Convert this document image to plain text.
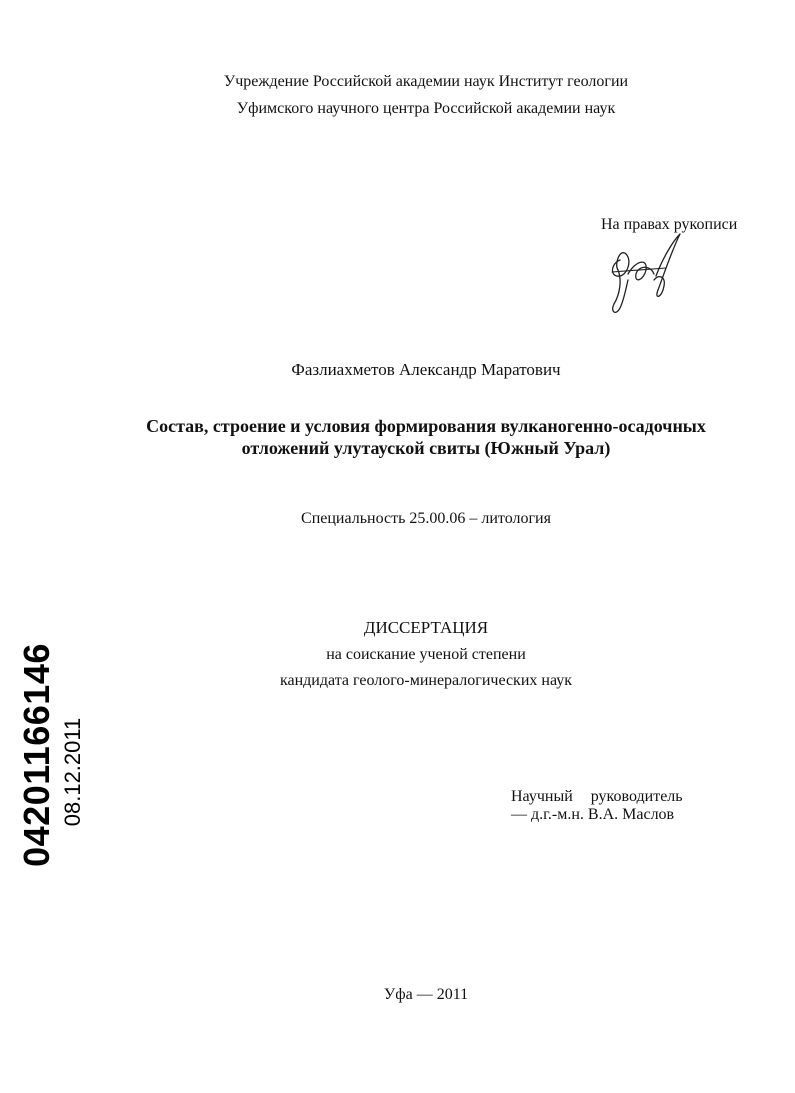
Учреждение Российской академии наук Институт геологии
Уфимского научного центра Российской академии наук
На правах рукописи
Фазлиахметов Александр Маратович
Состав, строение и условия формирования вулканогенно-осадочных
отложений улутауской свиты (Южный Урал)
Специальность 25.00.06 – литология
ДИССЕРТАЦИЯ
на соискание ученой степени
кандидата геолого-минералогических наук
Научный руководитель
— д.г.-м.н. В.А. Маслов
Уфа — 2011
04201166146 08.12.2011
